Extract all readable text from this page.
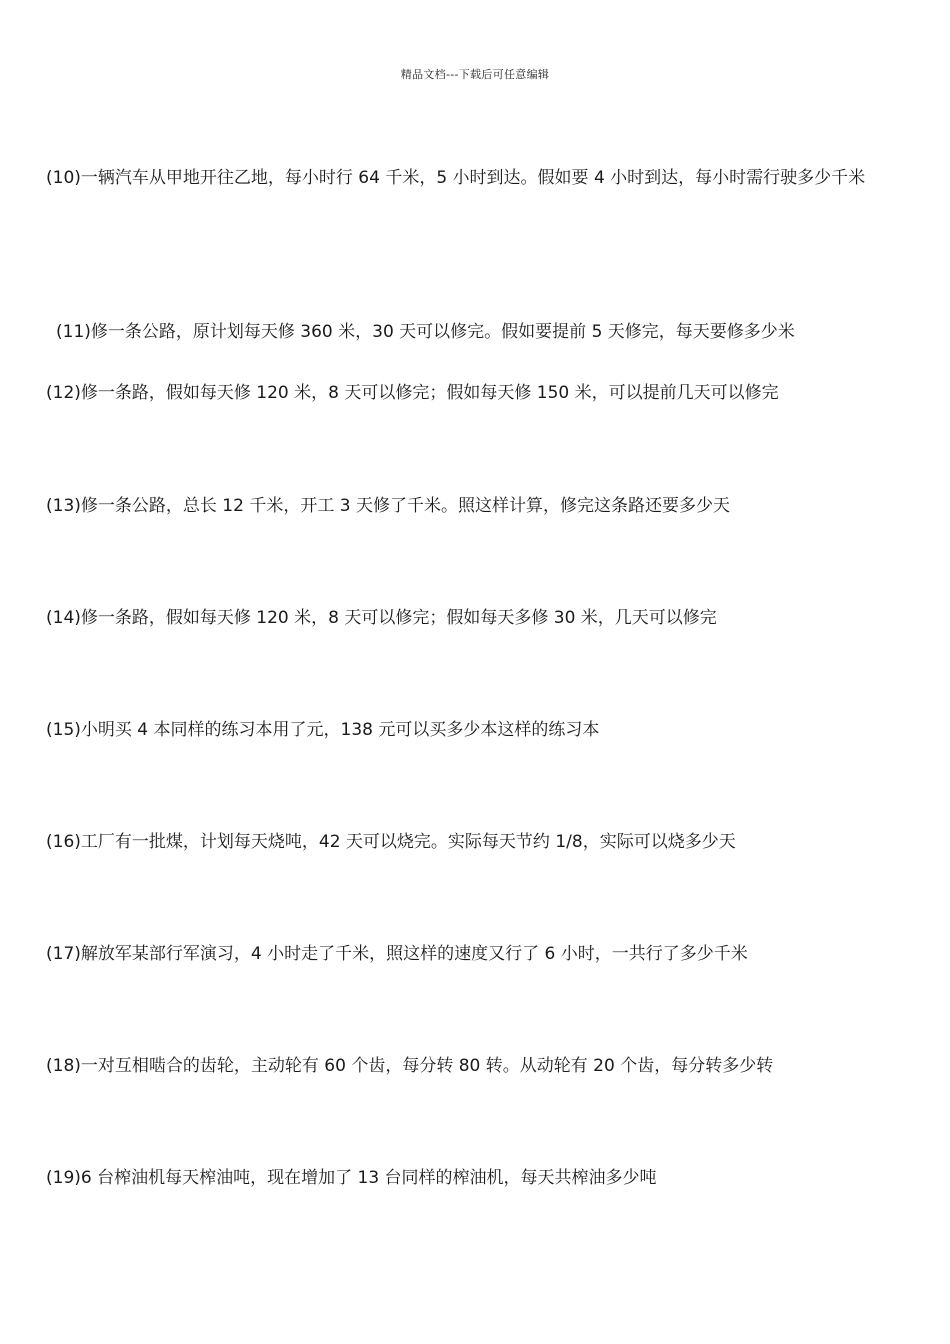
精品文档---下载后可任意编辑
(10)一辆汽车从甲地开往乙地，每小时行 64 千米，5 小时到达。假如要 4 小时到达，每小时需行驶多少千米
(11)修一条公路，原计划每天修 360 米，30 天可以修完。假如要提前 5 天修完，每天要修多少米
(12)修一条路，假如每天修 120 米，8 天可以修完；假如每天修 150 米，可以提前几天可以修完
(13)修一条公路，总长 12 千米，开工 3 天修了千米。照这样计算，修完这条路还要多少天
(14)修一条路，假如每天修 120 米，8 天可以修完；假如每天多修 30 米，几天可以修完
(15)小明买 4 本同样的练习本用了元，138 元可以买多少本这样的练习本
(16)工厂有一批煤，计划每天烧吨，42 天可以烧完。实际每天节约 1/8，实际可以烧多少天
(17)解放军某部行军演习，4 小时走了千米，照这样的速度又行了 6 小时，一共行了多少千米
(18)一对互相啮合的齿轮，主动轮有 60 个齿，每分转 80 转。从动轮有 20 个齿，每分转多少转
(19)6 台榨油机每天榨油吨，现在增加了 13 台同样的榨油机，每天共榨油多少吨
